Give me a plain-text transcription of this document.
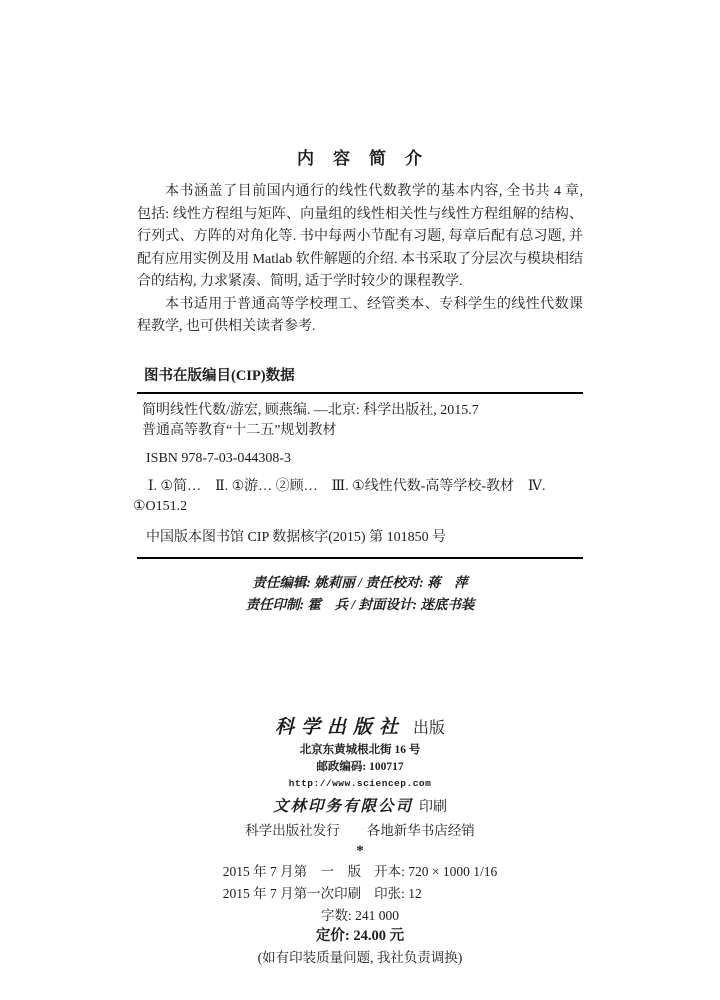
内　容　简　介

本书涵盖了目前国内通行的线性代数教学的基本内容, 全书共 4 章, 包括: 线性方程组与矩阵、向量组的线性相关性与线性方程组解的结构、行列式、方阵的对角化等. 书中每两小节配有习题, 每章后配有总习题, 并配有应用实例及用 Matlab 软件解题的介绍. 本书采取了分层次与模块相结合的结构, 力求紧凑、简明, 适于学时较少的课程教学.

本书适用于普通高等学校理工、经管类本、专科学生的线性代数课程教学, 也可供相关读者参考.

图书在版编目(CIP)数据
简明线性代数/游宏, 顾燕编. —北京: 科学出版社, 2015.7
普通高等教育“十二五”规划教材
ISBN 978-7-03-044308-3
Ⅰ. ①简…　Ⅱ. ①游… ②顾…　Ⅲ. ①线性代数-高等学校-教材　Ⅳ.
①O151.2
中国版本图书馆 CIP 数据核字(2015) 第 101850 号
责任编辑: 姚莉丽 / 责任校对: 蒋　萍
责任印制: 霍　兵 / 封面设计: 迷底书装
科学出版社 出版
北京东黄城根北街 16 号
邮政编码: 100717
http://www.sciencep.com
文林印务有限公司 印刷
科学出版社发行　　各地新华书店经销
*
2015 年 7 月第　一　版 开本: 720 × 1000 1/16
2015 年 7 月第一次印刷 印张: 12
字数: 241 000
定价: 24.00 元
(如有印装质量问题, 我社负责调换)
